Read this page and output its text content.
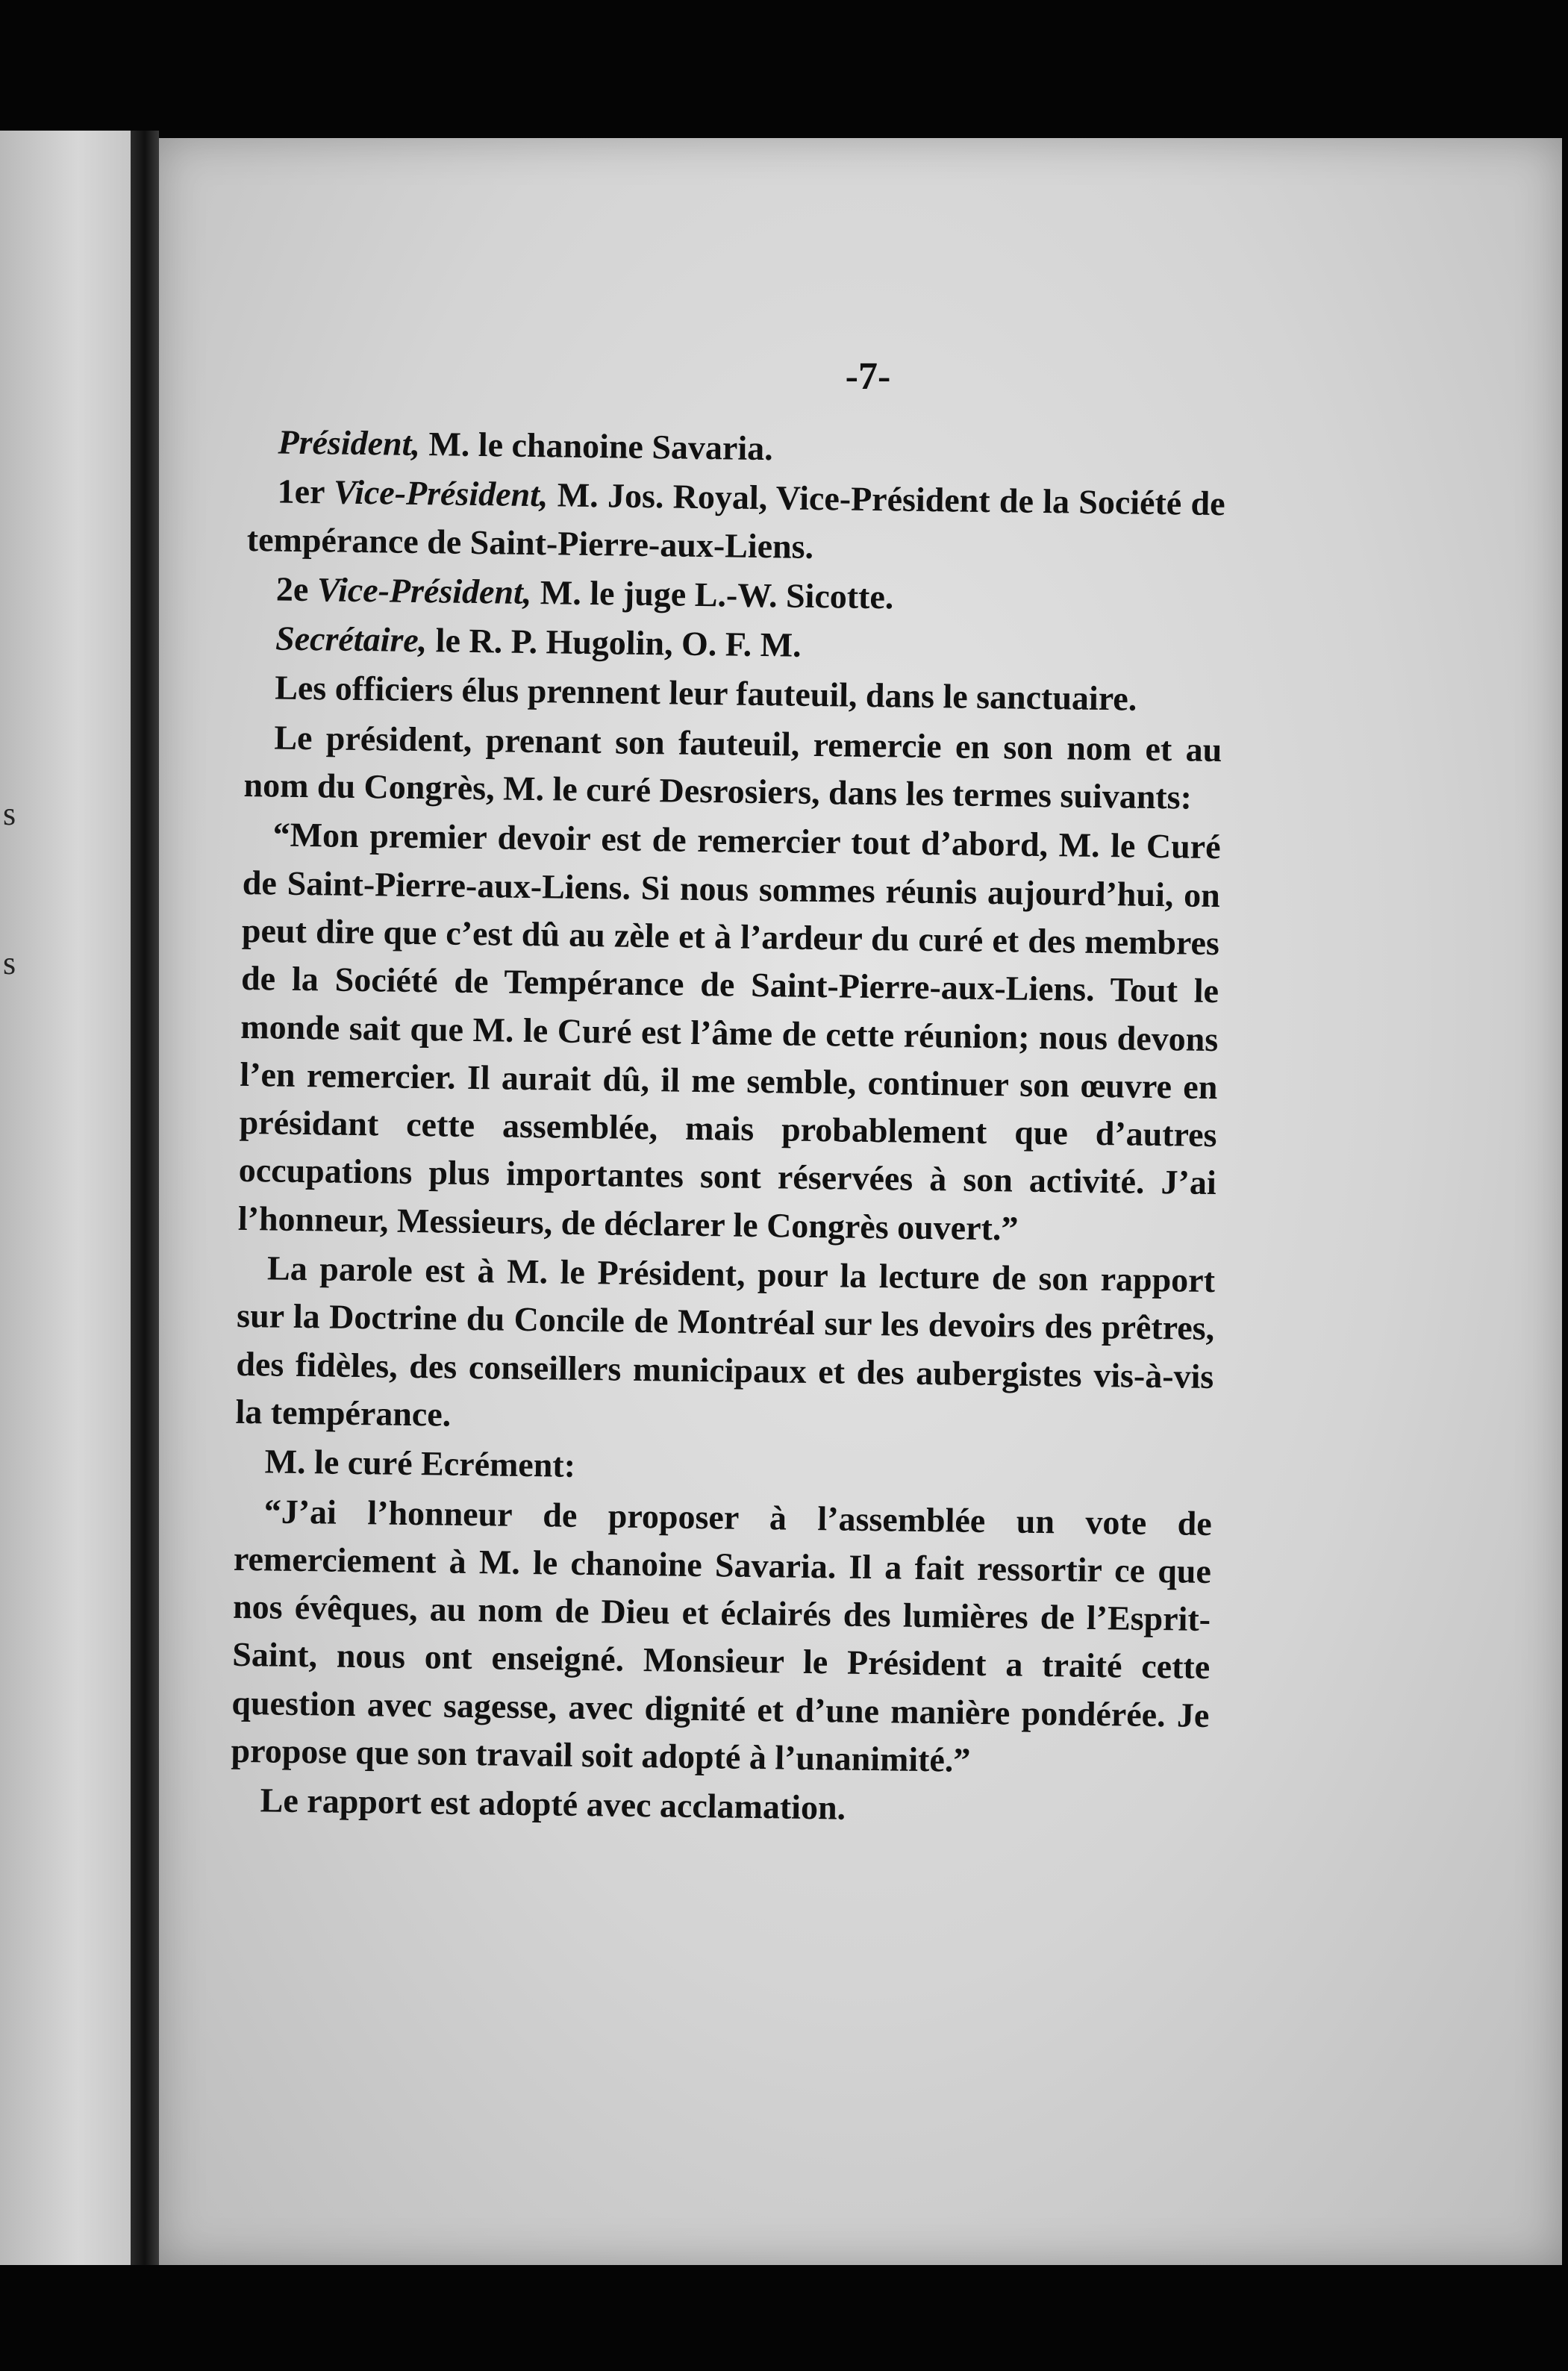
s
s
-7-

Président, M. le chanoine Savaria.

1er Vice-Président, M. Jos. Royal, Vice-Président de la Société de tempérance de Saint-Pierre-aux-Liens.

2e Vice-Président, M. le juge L.-W. Sicotte.

Secrétaire, le R. P. Hugolin, O. F. M.

Les officiers élus prennent leur fauteuil, dans le sanctuaire.

Le président, prenant son fauteuil, remercie en son nom et au nom du Congrès, M. le curé Desrosiers, dans les termes suivants:

“Mon premier devoir est de remercier tout d’abord, M. le Curé de Saint-Pierre-aux-Liens. Si nous sommes réunis aujourd’hui, on peut dire que c’est dû au zèle et à l’ardeur du curé et des membres de la Société de Tempérance de Saint-Pierre-aux-Liens. Tout le monde sait que M. le Curé est l’âme de cette réunion; nous devons l’en remercier. Il aurait dû, il me semble, continuer son œuvre en présidant cette assemblée, mais probablement que d’autres occupations plus importantes sont réservées à son activité. J’ai l’honneur, Messieurs, de déclarer le Congrès ouvert.”

La parole est à M. le Président, pour la lecture de son rapport sur la Doctrine du Concile de Montréal sur les devoirs des prêtres, des fidèles, des conseillers municipaux et des aubergistes vis-à-vis la tempérance.

M. le curé Ecrément:

“J’ai l’honneur de proposer à l’assemblée un vote de remerciement à M. le chanoine Savaria. Il a fait ressortir ce que nos évêques, au nom de Dieu et éclairés des lumières de l’Esprit-Saint, nous ont enseigné. Monsieur le Président a traité cette question avec sagesse, avec dignité et d’une manière pondérée. Je propose que son travail soit adopté à l’unanimité.”

Le rapport est adopté avec acclamation.
